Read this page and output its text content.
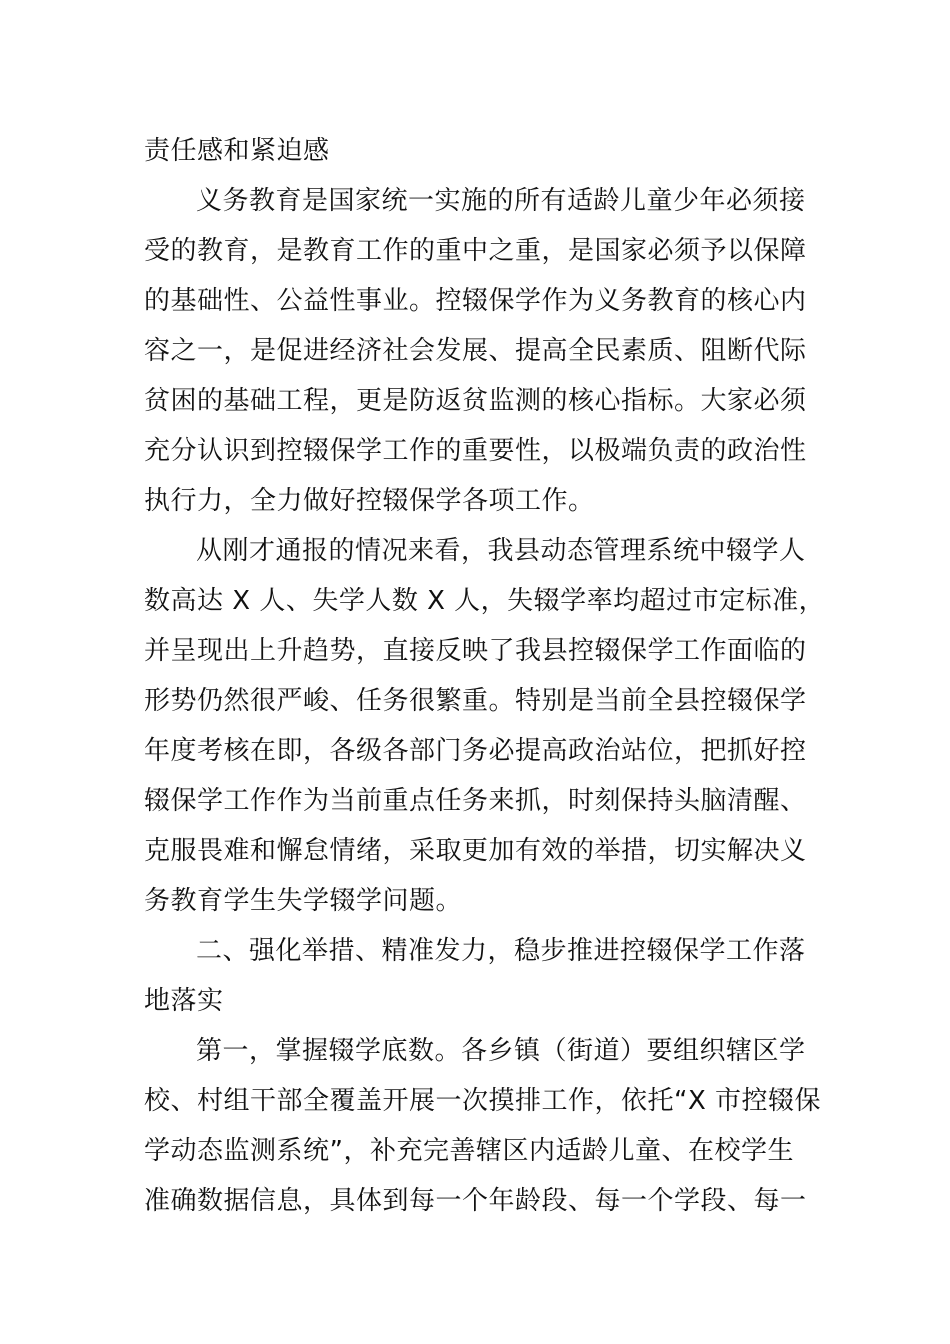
责任感和紧迫感
义务教育是国家统一实施的所有适龄儿童少年必须接
受的教育，是教育工作的重中之重，是国家必须予以保障
的基础性、公益性事业。控辍保学作为义务教育的核心内
容之一，是促进经济社会发展、提高全民素质、阻断代际
贫困的基础工程，更是防返贫监测的核心指标。大家必须
充分认识到控辍保学工作的重要性，以极端负责的政治性
执行力，全力做好控辍保学各项工作。
从刚才通报的情况来看，我县动态管理系统中辍学人
数高达 X 人、失学人数 X 人，失辍学率均超过市定标准，
并呈现出上升趋势，直接反映了我县控辍保学工作面临的
形势仍然很严峻、任务很繁重。特别是当前全县控辍保学
年度考核在即，各级各部门务必提高政治站位，把抓好控
辍保学工作作为当前重点任务来抓，时刻保持头脑清醒、
克服畏难和懈怠情绪，采取更加有效的举措，切实解决义
务教育学生失学辍学问题。
二、强化举措、精准发力，稳步推进控辍保学工作落
地落实
第一，掌握辍学底数。各乡镇（街道）要组织辖区学
校、村组干部全覆盖开展一次摸排工作，依托“X 市控辍保
学动态监测系统”，补充完善辖区内适龄儿童、在校学生
准确数据信息，具体到每一个年龄段、每一个学段、每一
